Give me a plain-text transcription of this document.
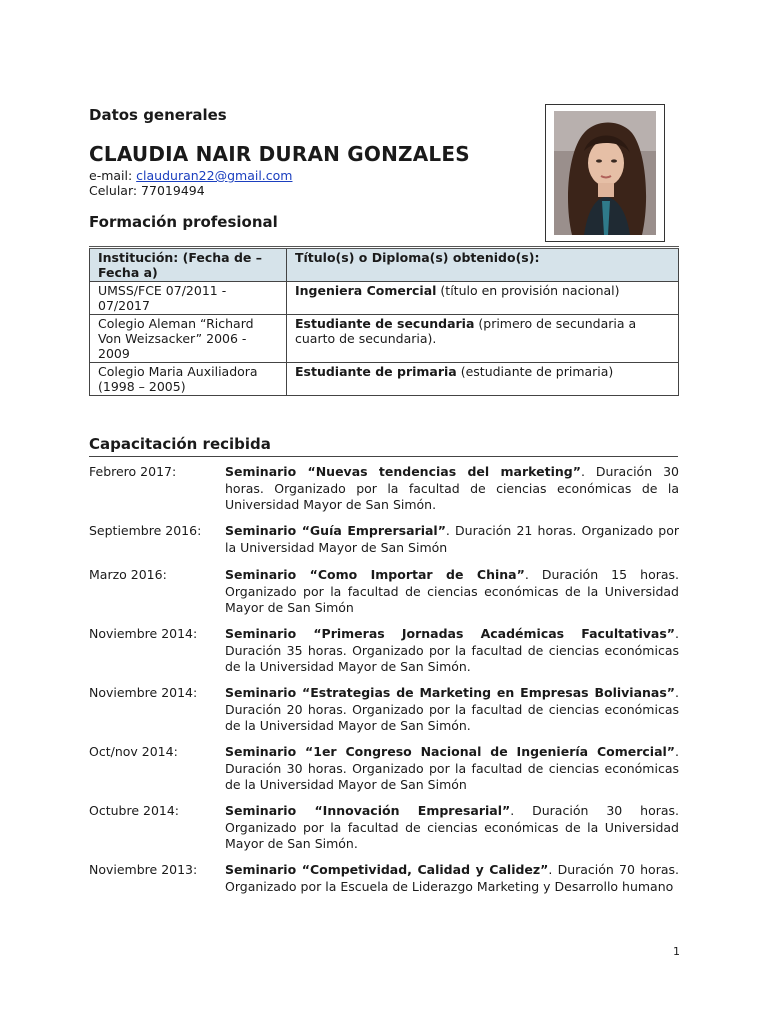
Datos generales
CLAUDIA NAIR DURAN GONZALES
e-mail: clauduran22@gmail.com
Celular: 77019494
Formación profesional
Institución: (Fecha de – Fecha a)	Título(s) o Diploma(s) obtenido(s):
UMSS/FCE 07/2011 - 07/2017	Ingeniera Comercial (título en provisión nacional)
Colegio Aleman “Richard Von Weizsacker” 2006 - 2009	Estudiante de secundaria (primero de secundaria a cuarto de secundaria).
Colegio Maria Auxiliadora (1998 – 2005)	Estudiante de primaria (estudiante de primaria)
Capacitación recibida
Febrero 2017:	Seminario “Nuevas tendencias del marketing”. Duración 30 horas. Organizado por la facultad de ciencias económicas de la Universidad Mayor de San Simón.
Septiembre 2016:	Seminario “Guía Emprersarial”. Duración 21 horas. Organizado por la Universidad Mayor de San Simón
Marzo 2016:	Seminario “Como Importar de China”. Duración 15 horas. Organizado por la facultad de ciencias económicas de la Universidad Mayor de San Simón
Noviembre 2014:	Seminario “Primeras Jornadas Académicas Facultativas”. Duración 35 horas. Organizado por la facultad de ciencias económicas de la Universidad Mayor de San Simón.
Noviembre 2014:	Seminario “Estrategias de Marketing en Empresas Bolivianas”. Duración 20 horas. Organizado por la facultad de ciencias económicas de la Universidad Mayor de San Simón.
Oct/nov 2014:	Seminario “1er Congreso Nacional de Ingeniería Comercial”. Duración 30 horas. Organizado por la facultad de ciencias económicas de la Universidad Mayor de San Simón
Octubre 2014:	Seminario “Innovación Empresarial”. Duración 30 horas. Organizado por la facultad de ciencias económicas de la Universidad Mayor de San Simón.
Noviembre 2013:	Seminario “Competividad, Calidad y Calidez”. Duración 70 horas. Organizado por la Escuela de Liderazgo Marketing y Desarrollo humano
1
